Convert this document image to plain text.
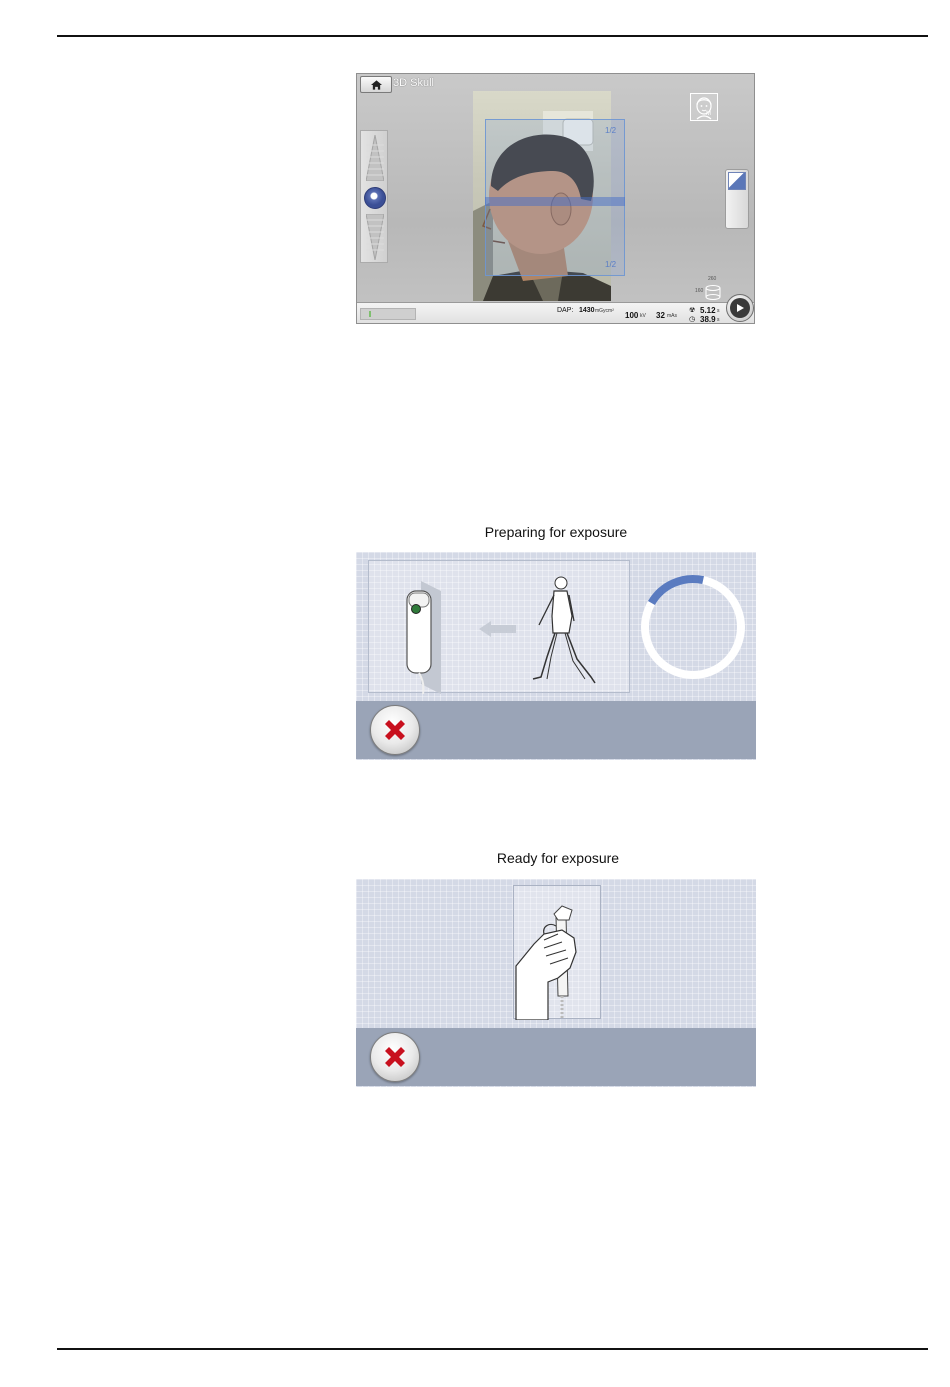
3D Skull
1/2
1/2
M
260
160
DAP: 1430 mGycm² 100 kV 32 mAs
☢ 5.12 s
◷ 38.9 s
Preparing for exposure
Ready for exposure
